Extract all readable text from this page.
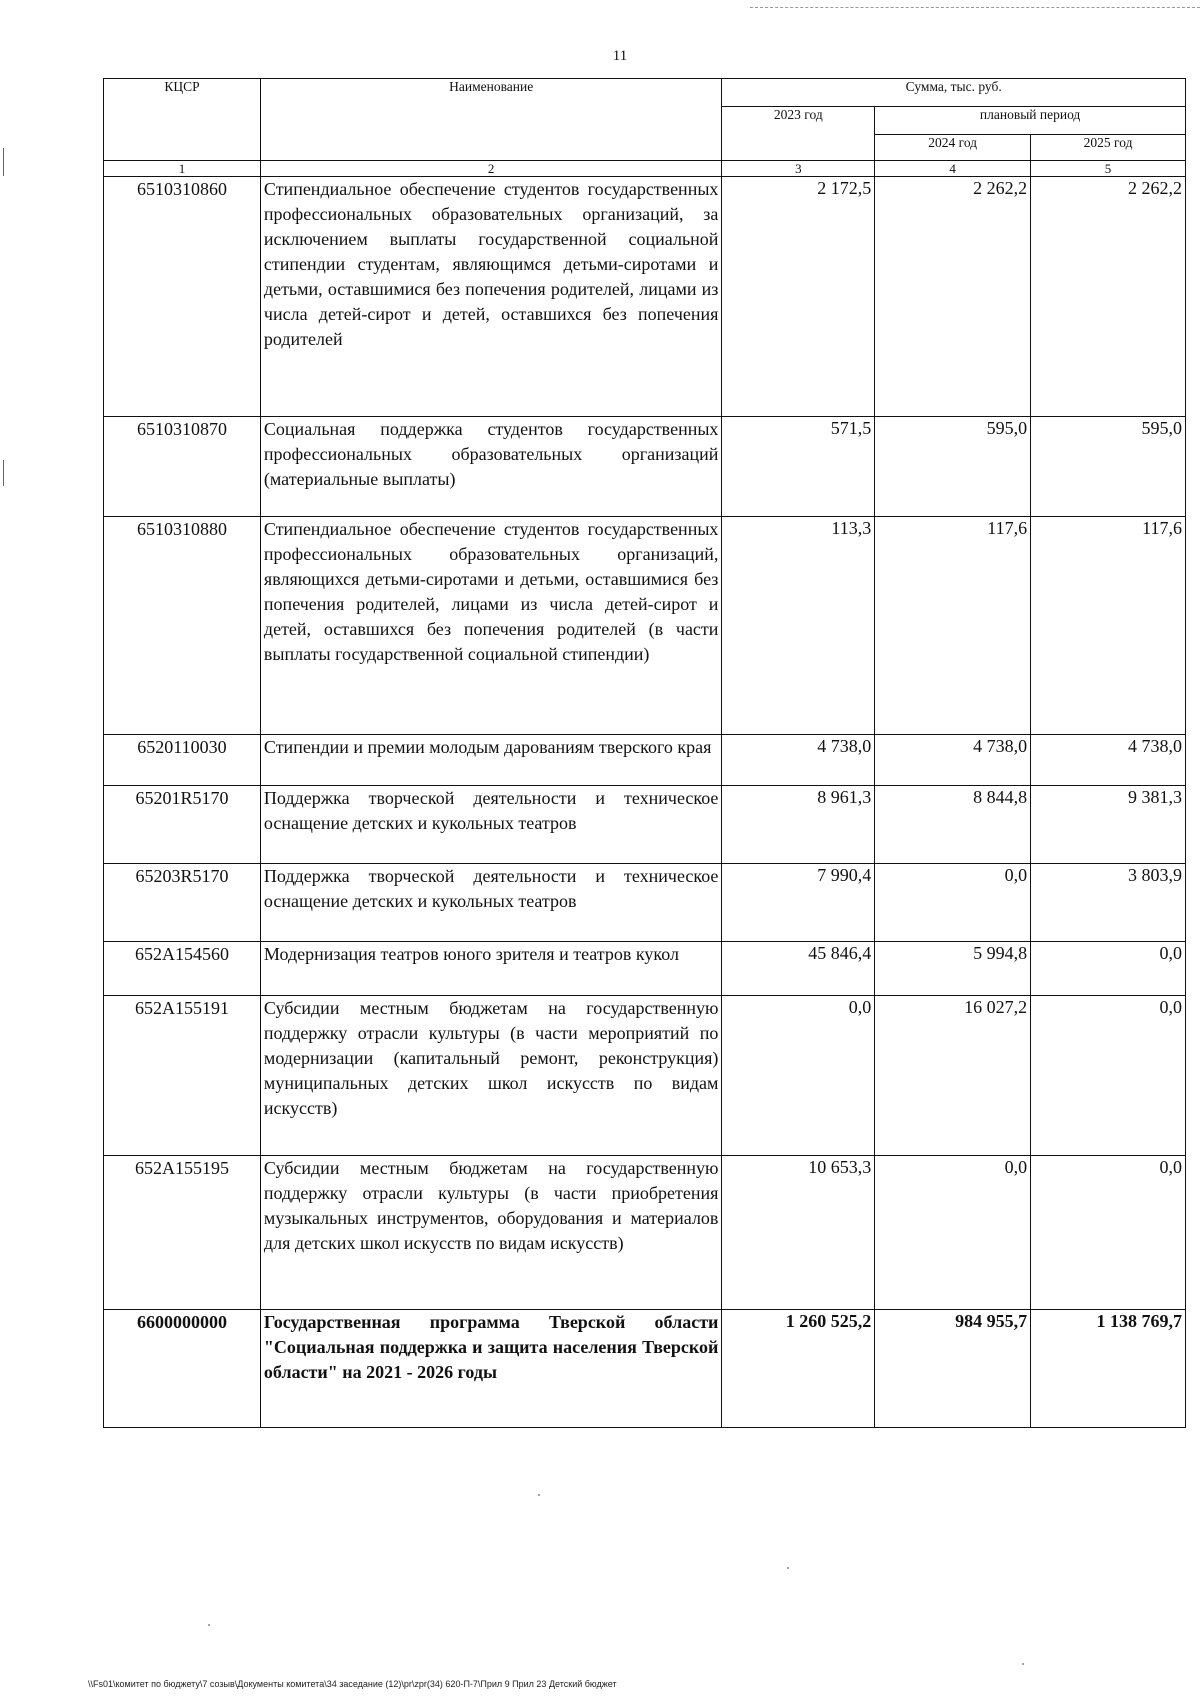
11
КЦСР	Наименование	Сумма, тыс. руб.		
		2023 год	плановый период	
			2024 год	2025 год
1	2	3	4	5
6510310860	Стипендиальное обеспечение студентов государственных профессиональных образовательных организаций, за исключением выплаты государственной социальной стипендии студентам, являющимся детьми-сиротами и детьми, оставшимися без попечения родителей, лицами из числа детей-сирот и детей, оставшихся без попечения родителей	2 172,5	2 262,2	2 262,2
6510310870	Социальная поддержка студентов государственных профессиональных образовательных организаций (материальные выплаты)	571,5	595,0	595,0
6510310880	Стипендиальное обеспечение студентов государственных профессиональных образовательных организаций, являющихся детьми-сиротами и детьми, оставшимися без попечения родителей, лицами из числа детей-сирот и детей, оставшихся без попечения родителей (в части выплаты государственной социальной стипендии)	113,3	117,6	117,6
6520110030	Стипендии и премии молодым дарованиям тверского края	4 738,0	4 738,0	4 738,0
65201R5170	Поддержка творческой деятельности и техническое оснащение детских и кукольных театров	8 961,3	8 844,8	9 381,3
65203R5170	Поддержка творческой деятельности и техническое оснащение детских и кукольных театров	7 990,4	0,0	3 803,9
652A154560	Модернизация театров юного зрителя и театров кукол	45 846,4	5 994,8	0,0
652A155191	Субсидии местным бюджетам на государственную поддержку отрасли культуры (в части мероприятий по модернизации (капитальный ремонт, реконструкция) муниципальных детских школ искусств по видам искусств)	0,0	16 027,2	0,0
652A155195	Субсидии местным бюджетам на государственную поддержку отрасли культуры (в части приобретения музыкальных инструментов, оборудования и материалов для детских школ искусств по видам искусств)	10 653,3	0,0	0,0
6600000000	Государственная программа Тверской области "Социальная поддержка и защита населения Тверской области" на 2021 - 2026 годы	1 260 525,2	984 955,7	1 138 769,7
\\Fs01\комитет по бюджету\7 созыв\Документы комитета\34 заседание (12)\pr\zpr(34) 620-П-7\Прил 9 Прил 23 Детский бюджет
